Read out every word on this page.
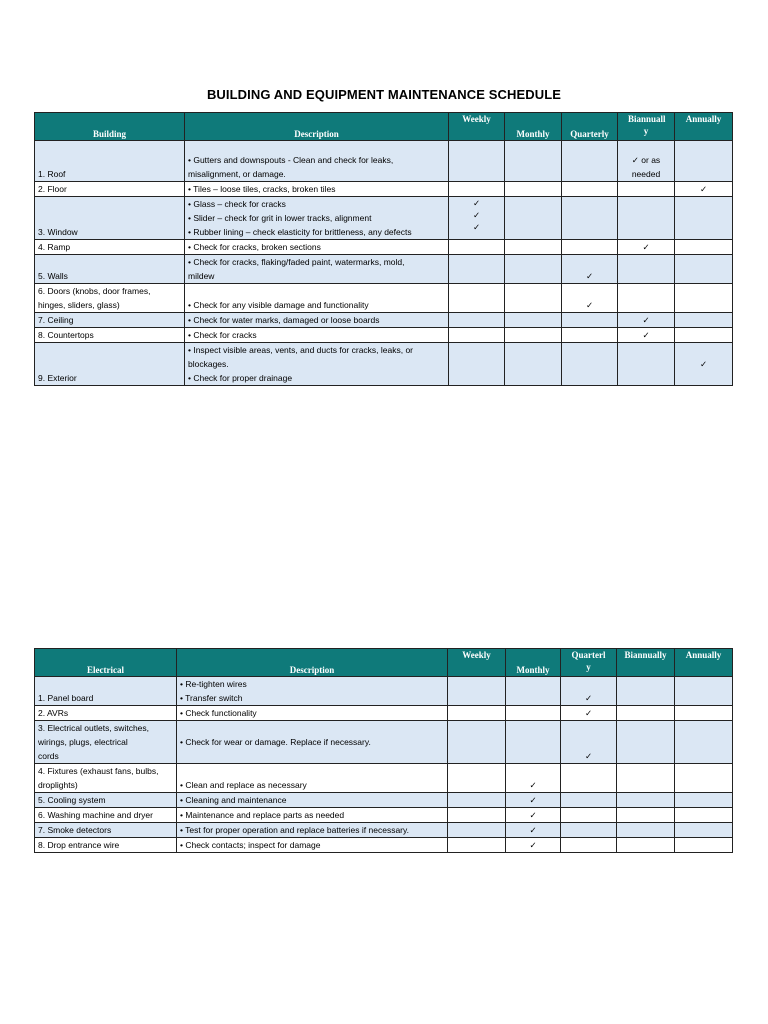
BUILDING AND EQUIPMENT MAINTENANCE SCHEDULE
Building	Description	Weekly	Monthly	Quarterly	Biannuall y	Annually
1. Roof	• Gutters and downspouts - Clean and check for leaks,
misalignment, or damage.				✓ or as
needed	

2. Floor	• Tiles – loose tiles, cracks, broken tiles					✓
3. Window	• Glass – check for cracks
• Slider – check for grit in lower tracks, alignment
• Rubber lining – check elasticity for brittleness, any defects	✓
✓
✓				

4. Ramp	• Check for cracks, broken sections				✓	
5. Walls	• Check for cracks, flaking/faded paint, watermarks, mold,
mildew			✓		

6. Doors (knobs, door frames,
hinges, sliders, glass)	• Check for any visible damage and functionality			✓		
7. Ceiling	• Check for water marks, damaged or loose boards				✓	
8. Countertops	• Check for cracks				✓	
9. Exterior	• Inspect visible areas, vents, and ducts for cracks, leaks, or
blockages.
• Check for proper drainage					✓
Electrical	Description	Weekly	Monthly	Quarterl y	Biannually	Annually
1. Panel board	• Re-tighten wires
• Transfer switch			✓		
2. AVRs	• Check functionality			✓		

3. Electrical outlets, switches,
wirings, plugs, electrical
cords	• Check for wear or damage. Replace if necessary.			✓		

4. Fixtures (exhaust fans, bulbs,
droplights)	• Clean and replace as necessary		✓			
5. Cooling system	• Cleaning and maintenance		✓			
6. Washing machine and dryer	• Maintenance and replace parts as needed		✓			
7. Smoke detectors	• Test for proper operation and replace batteries if necessary.		✓			
8. Drop entrance wire	• Check contacts; inspect for damage		✓			
